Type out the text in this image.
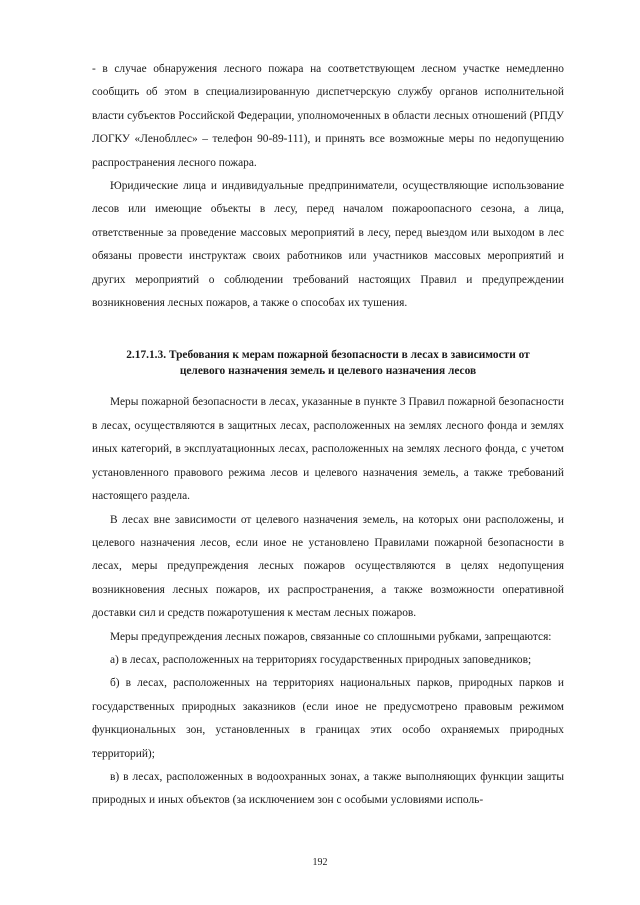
- в случае обнаружения лесного пожара на соответствующем лесном участке немедленно сообщить об этом в специализированную диспетчерскую службу органов исполнительной власти субъектов Российской Федерации, уполномоченных в области лесных отношений (РПДУ ЛОГКУ «Ленобллес» – телефон 90-89-111), и принять все возможные меры по недопущению распространения лесного пожара.

Юридические лица и индивидуальные предприниматели, осуществляющие использование лесов или имеющие объекты в лесу, перед началом пожароопасного сезона, а лица, ответственные за проведение массовых мероприятий в лесу, перед выездом или выходом в лес обязаны провести инструктаж своих работников или участников массовых мероприятий и других мероприятий о соблюдении требований настоящих Правил и предупреждении возникновения лесных пожаров, а также о способах их тушения.

2.17.1.3. Требования к мерам пожарной безопасности в лесах в зависимости от
целевого назначения земель и целевого назначения лесов

Меры пожарной безопасности в лесах, указанные в пункте 3 Правил пожарной безопасности в лесах, осуществляются в защитных лесах, расположенных на землях лесного фонда и землях иных категорий, в эксплуатационных лесах, расположенных на землях лесного фонда, с учетом установленного правового режима лесов и целевого назначения земель, а также требований настоящего раздела.

В лесах вне зависимости от целевого назначения земель, на которых они расположены, и целевого назначения лесов, если иное не установлено Правилами пожарной безопасности в лесах, меры предупреждения лесных пожаров осуществляются в целях недопущения возникновения лесных пожаров, их распространения, а также возможности оперативной доставки сил и средств пожаротушения к местам лесных пожаров.

Меры предупреждения лесных пожаров, связанные со сплошными рубками, запрещаются:

а) в лесах, расположенных на территориях государственных природных заповедников;

б) в лесах, расположенных на территориях национальных парков, природных парков и государственных природных заказников (если иное не предусмотрено правовым режимом функциональных зон, установленных в границах этих особо охраняемых природных территорий);

в) в лесах, расположенных в водоохранных зонах, а также выполняющих функции защиты природных и иных объектов (за исключением зон с особыми условиями исполь-

192
